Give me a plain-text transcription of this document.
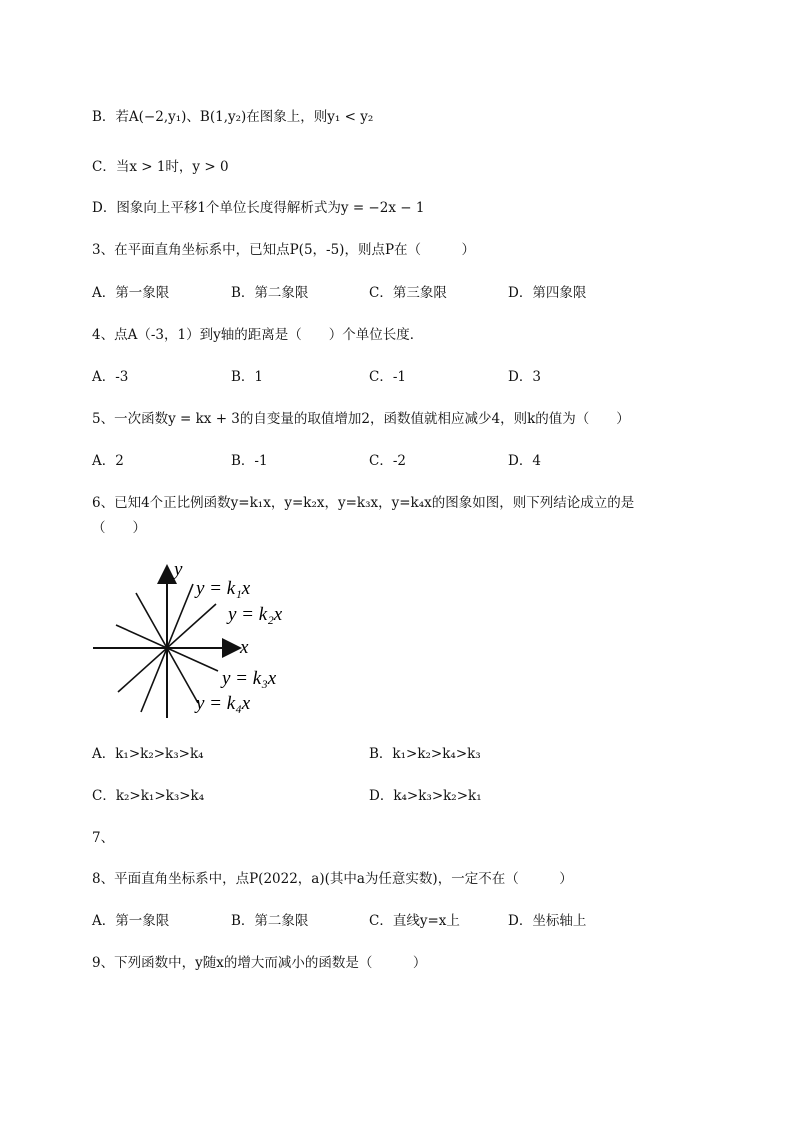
B．若A(−2,y₁)、B(1,y₂)在图象上，则y₁ < y₂
C．当x > 1时，y > 0
D．图象向上平移1个单位长度得解析式为y = −2x − 1
3、在平面直角坐标系中，已知点P(5，-5)，则点P在（　　　）
A．第一象限	B．第二象限	C．第三象限	D．第四象限
4、点A（-3，1）到y轴的距离是（　　）个单位长度．
A．-3	B．1	C．-1	D．3
5、一次函数y = kx + 3的自变量的取值增加2，函数值就相应减少4，则k的值为（　　）
A．2	B．-1	C．-2	D．4
6、已知4个正比例函数y=k₁x，y=k₂x，y=k₃x，y=k₄x的图象如图，则下列结论成立的是
（　　）
y
x
y = k₁x
y = k₂x
y = k₃x
y = k₄x
A．k₁>k₂>k₃>k₄	B．k₁>k₂>k₄>k₃
C．k₂>k₁>k₃>k₄	D．k₄>k₃>k₂>k₁
7、
8、平面直角坐标系中，点P(2022，a)(其中a为任意实数)，一定不在（　　　）
A．第一象限	B．第二象限	C．直线y=x上	D．坐标轴上
9、下列函数中，y随x的增大而减小的函数是（　　　）
